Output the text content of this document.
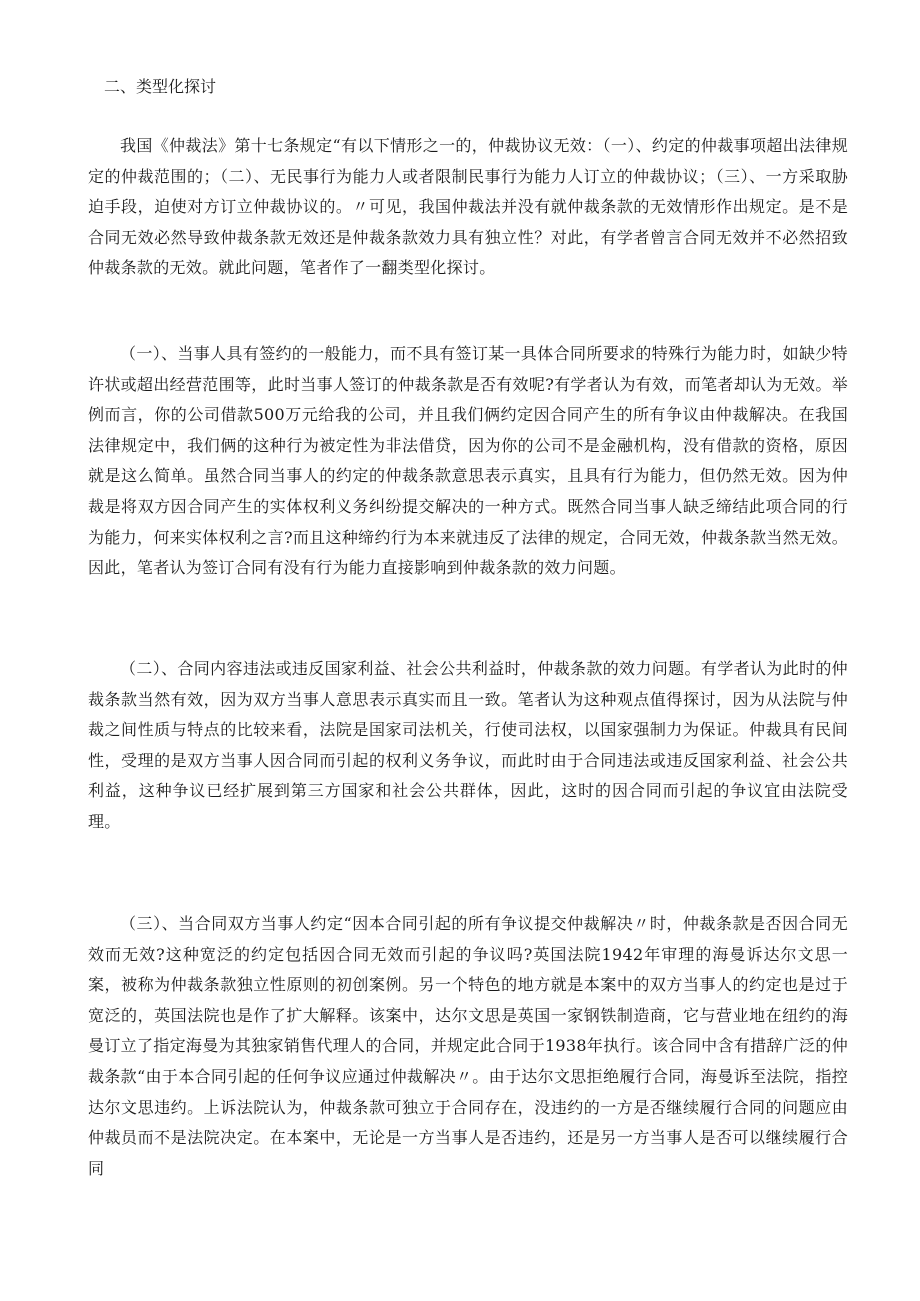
二、类型化探讨

我国《仲裁法》第十七条规定“有以下情形之一的，仲裁协议无效：（一）、约定的仲裁事项超出法律规定的仲裁范围的；（二）、无民事行为能力人或者限制民事行为能力人订立的仲裁协议；（三）、一方采取胁迫手段，迫使对方订立仲裁协议的。〃可见，我国仲裁法并没有就仲裁条款的无效情形作出规定。是不是合同无效必然导致仲裁条款无效还是仲裁条款效力具有独立性？对此，有学者曾言合同无效并不必然招致仲裁条款的无效。就此问题，笔者作了一翻类型化探讨。

（一）、当事人具有签约的一般能力，而不具有签订某一具体合同所要求的特殊行为能力时，如缺少特许状或超出经营范围等，此时当事人签订的仲裁条款是否有效呢?有学者认为有效，而笔者却认为无效。举例而言，你的公司借款500万元给我的公司，并且我们俩约定因合同产生的所有争议由仲裁解决。在我国法律规定中，我们俩的这种行为被定性为非法借贷，因为你的公司不是金融机构，没有借款的资格，原因就是这么简单。虽然合同当事人的约定的仲裁条款意思表示真实，且具有行为能力，但仍然无效。因为仲裁是将双方因合同产生的实体权利义务纠纷提交解决的一种方式。既然合同当事人缺乏缔结此项合同的行为能力，何来实体权利之言?而且这种缔约行为本来就违反了法律的规定，合同无效，仲裁条款当然无效。因此，笔者认为签订合同有没有行为能力直接影响到仲裁条款的效力问题。

（二）、合同内容违法或违反国家利益、社会公共利益时，仲裁条款的效力问题。有学者认为此时的仲裁条款当然有效，因为双方当事人意思表示真实而且一致。笔者认为这种观点值得探讨，因为从法院与仲裁之间性质与特点的比较来看，法院是国家司法机关，行使司法权，以国家强制力为保证。仲裁具有民间性，受理的是双方当事人因合同而引起的权利义务争议，而此时由于合同违法或违反国家利益、社会公共利益，这种争议已经扩展到第三方国家和社会公共群体，因此，这时的因合同而引起的争议宜由法院受理。

（三）、当合同双方当事人约定“因本合同引起的所有争议提交仲裁解决〃时，仲裁条款是否因合同无效而无效?这种宽泛的约定包括因合同无效而引起的争议吗?英国法院1942年审理的海曼诉达尔文思一案，被称为仲裁条款独立性原则的初创案例。另一个特色的地方就是本案中的双方当事人的约定也是过于宽泛的，英国法院也是作了扩大解释。该案中，达尔文思是英国一家钢铁制造商，它与营业地在纽约的海曼订立了指定海曼为其独家销售代理人的合同，并规定此合同于1938年执行。该合同中含有措辞广泛的仲裁条款“由于本合同引起的任何争议应通过仲裁解决〃。由于达尔文思拒绝履行合同，海曼诉至法院，指控达尔文思违约。上诉法院认为，仲裁条款可独立于合同存在，没违约的一方是否继续履行合同的问题应由仲裁员而不是法院决定。在本案中，无论是一方当事人是否违约，还是另一方当事人是否可以继续履行合同
